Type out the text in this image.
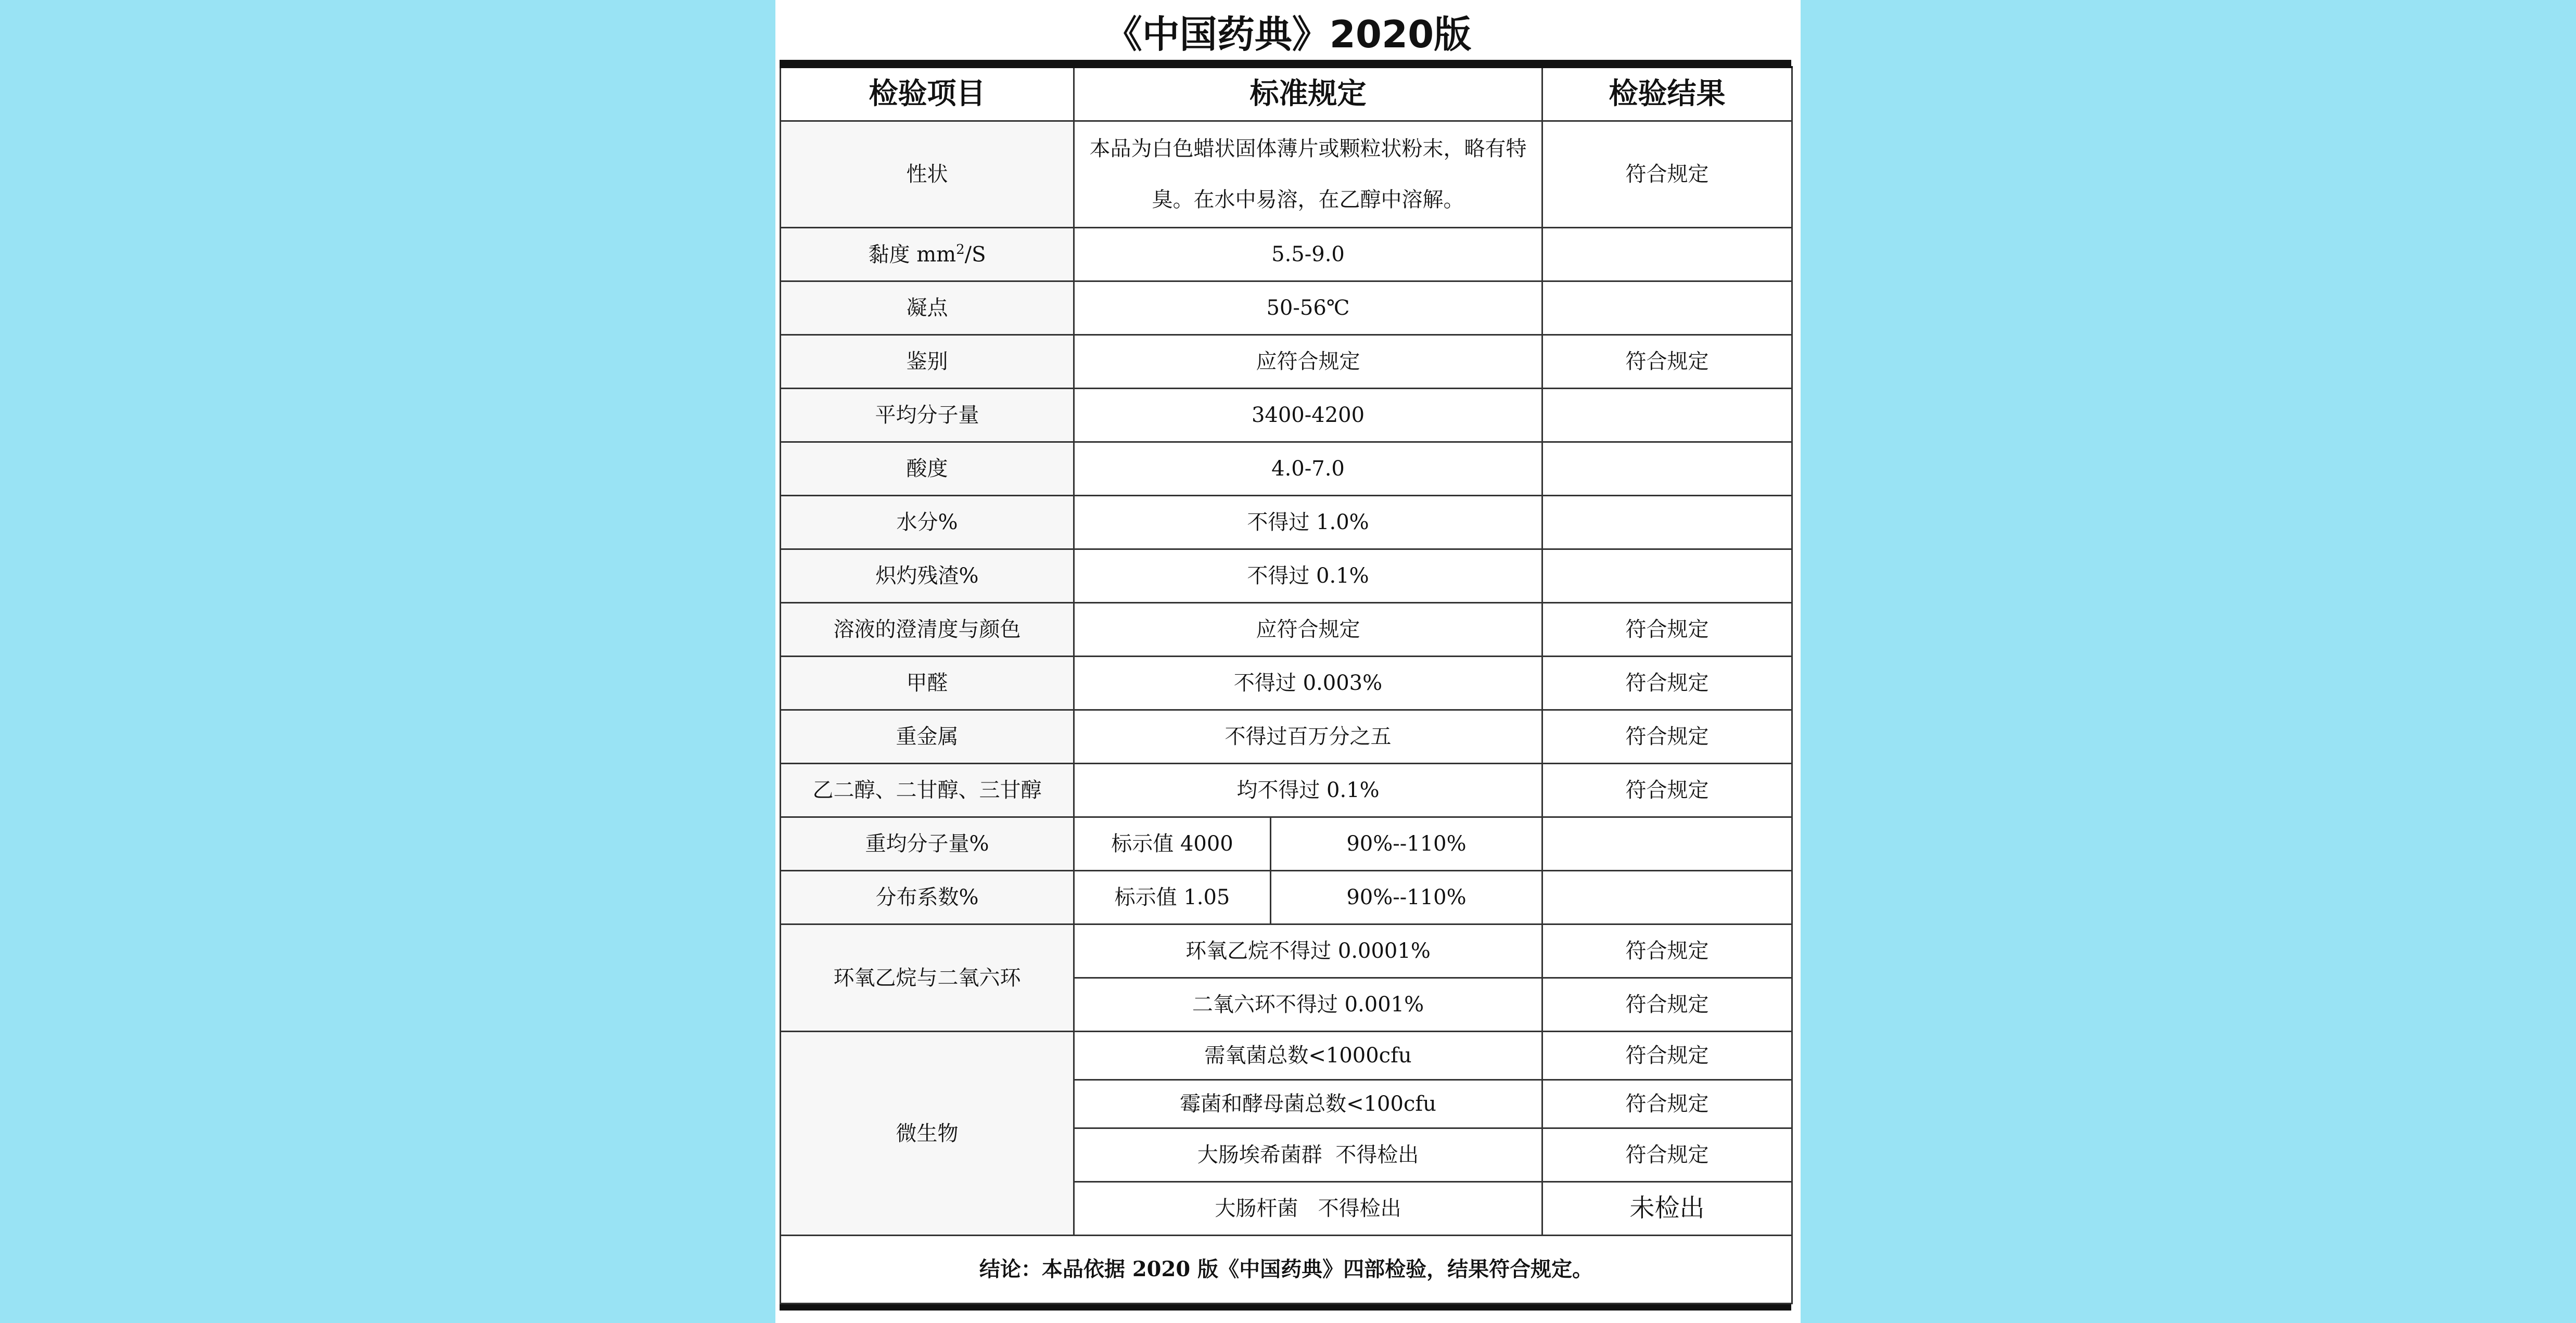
《中国药典》2020版
检验项目	标准规定		检验结果
性状	本品为白色蜡状固体薄片或颗粒状粉末，略有特臭。在水中易溶，在乙醇中溶解。		符合规定
黏度 $mm^2/S$	5.5-9.0		
凝点	50-56℃		
鉴别	应符合规定		符合规定
平均分子量	3400-4200		
酸度	4.0-7.0		
水分%	不得过 1.0%		
炽灼残渣%	不得过 0.1%		
溶液的澄清度与颜色	应符合规定		符合规定
甲醛	不得过 0.003%		符合规定
重金属	不得过百万分之五		符合规定
乙二醇、二甘醇、三甘醇	均不得过 0.1%		符合规定
重均分子量%	标示值 4000	90%--110%	
分布系数%	标示值 1.05	90%--110%	
环氧乙烷与二氧六环	环氧乙烷不得过 0.0001%		符合规定
	二氧六环不得过 0.001%		符合规定
微生物	需氧菌总数<1000cfu		符合规定
	霉菌和酵母菌总数<100cfu		符合规定
	大肠埃希菌群  不得检出		符合规定
	大肠杆菌   不得检出		未检出
结论：本品依据 2020 版《中国药典》四部检验，结果符合规定。			
